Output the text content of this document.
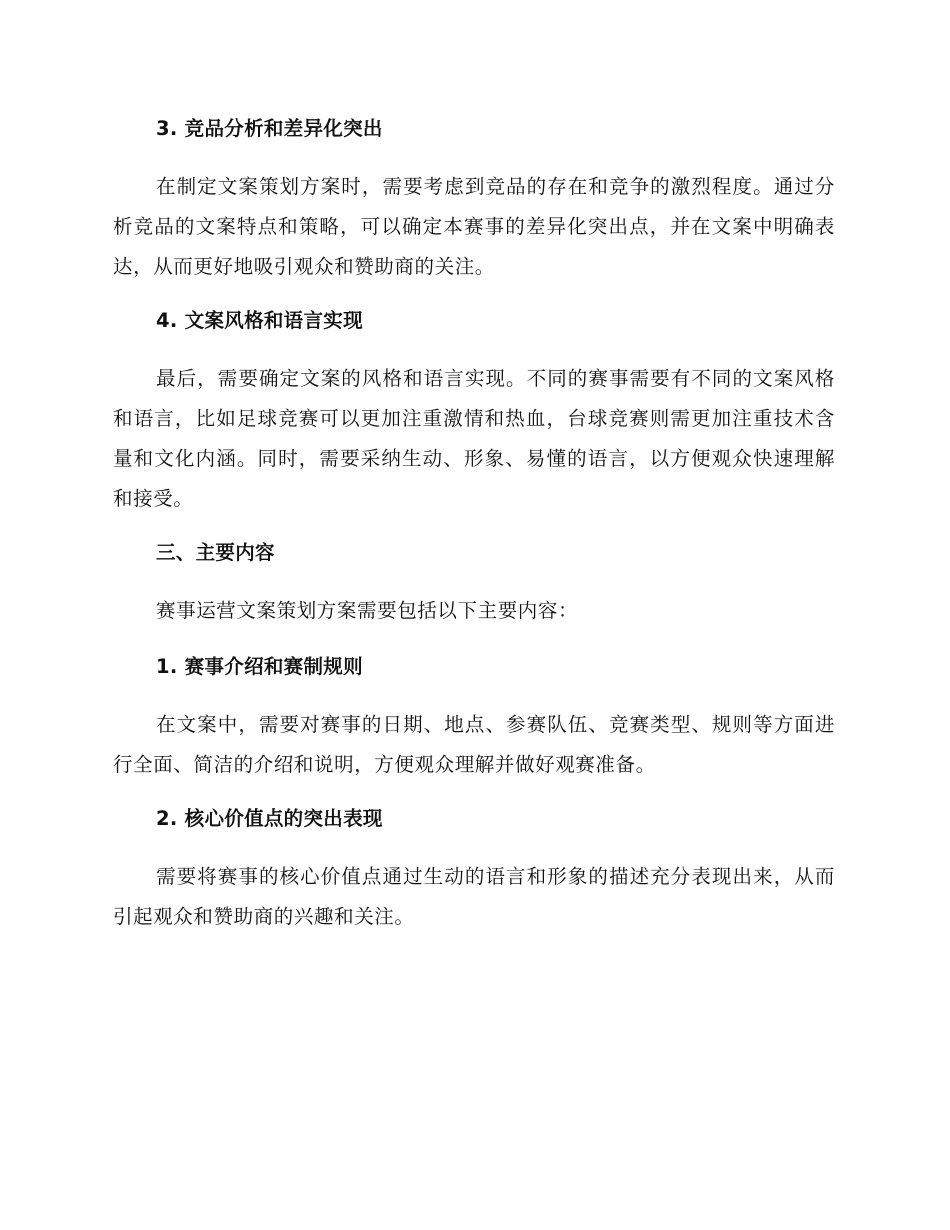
3. 竞品分析和差异化突出
在制定文案策划方案时，需要考虑到竞品的存在和竞争的激烈程度。通过分析竞品的文案特点和策略，可以确定本赛事的差异化突出点，并在文案中明确表达，从而更好地吸引观众和赞助商的关注。
4. 文案风格和语言实现
最后，需要确定文案的风格和语言实现。不同的赛事需要有不同的文案风格和语言，比如足球竞赛可以更加注重激情和热血，台球竞赛则需更加注重技术含量和文化内涵。同时，需要采纳生动、形象、易懂的语言，以方便观众快速理解和接受。
三、主要内容
赛事运营文案策划方案需要包括以下主要内容：
1. 赛事介绍和赛制规则
在文案中，需要对赛事的日期、地点、参赛队伍、竞赛类型、规则等方面进行全面、简洁的介绍和说明，方便观众理解并做好观赛准备。
2. 核心价值点的突出表现
需要将赛事的核心价值点通过生动的语言和形象的描述充分表现出来，从而引起观众和赞助商的兴趣和关注。
